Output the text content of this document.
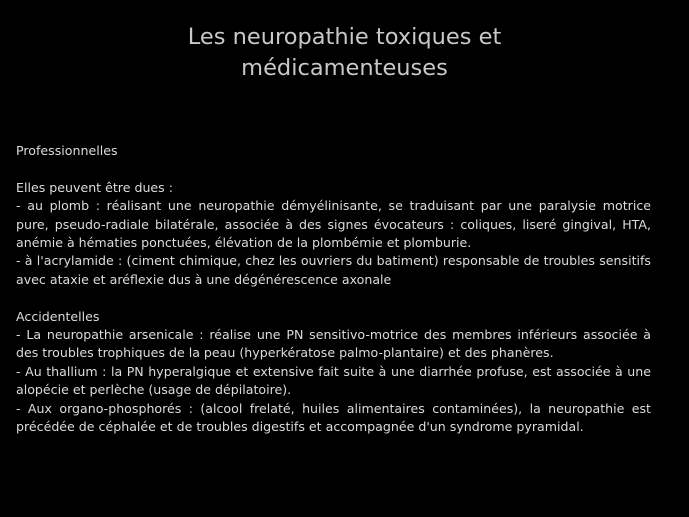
Les neuropathie toxiques et
médicamenteuses

Professionnelles

Elles peuvent être dues :

- au plomb : réalisant une neuropathie démyélinisante, se traduisant par une paralysie motrice pure, pseudo-radiale bilatérale, associée à des signes évocateurs : coliques, liseré gingival, HTA, anémie à hématies ponctuées, élévation de la plombémie et plomburie.

- à l'acrylamide : (ciment chimique, chez les ouvriers du batiment) responsable de troubles sensitifs avec ataxie et aréflexie dus à une dégénérescence axonale

Accidentelles

- La neuropathie arsenicale : réalise une PN sensitivo-motrice des membres inférieurs associée à des troubles trophiques de la peau (hyperkératose palmo-plantaire) et des phanères.

- Au thallium : la PN hyperalgique et extensive fait suite à une diarrhée profuse, est associée à une alopécie et perlèche (usage de dépilatoire).

- Aux organo-phosphorés : (alcool frelaté, huiles alimentaires contaminées), la neuropathie est précédée de céphalée et de troubles digestifs et accompagnée d'un syndrome pyramidal.
